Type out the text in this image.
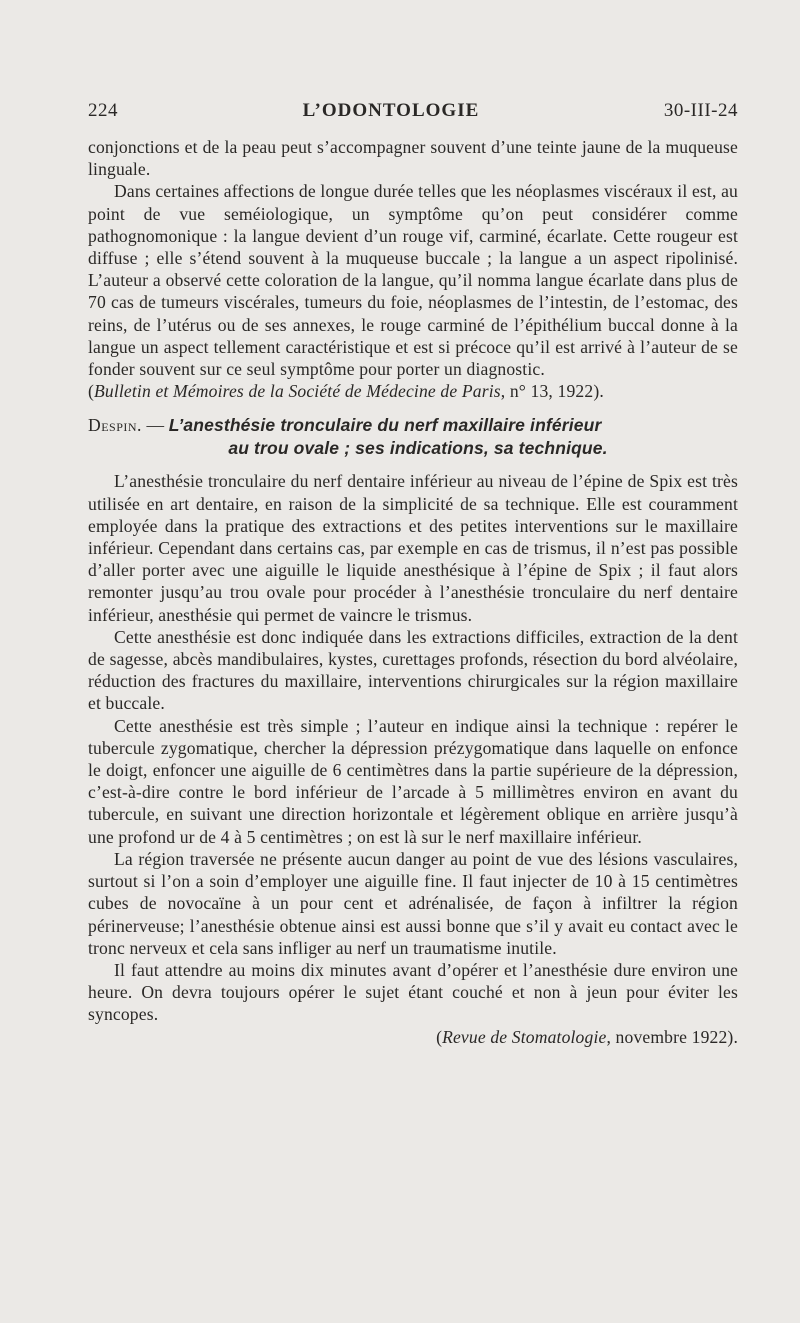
224	L’ODONTOLOGIE	30-III-24

conjonctions et de la peau peut s’accompagner souvent d’une teinte jaune de la muqueuse linguale.

Dans certaines affections de longue durée telles que les néoplasmes viscéraux il est, au point de vue seméiologique, un symptôme qu’on peut considérer comme pathognomonique : la langue devient d’un rouge vif, carminé, écarlate. Cette rougeur est diffuse ; elle s’étend souvent à la muqueuse buccale ; la langue a un aspect ripolinisé. L’auteur a observé cette coloration de la langue, qu’il nomma langue écarlate dans plus de 70 cas de tumeurs viscérales, tumeurs du foie, néoplasmes de l’intestin, de l’estomac, des reins, de l’utérus ou de ses annexes, le rouge carminé de l’épithélium buccal donne à la langue un aspect tellement caractéristique et est si précoce qu’il est arrivé à l’auteur de se fonder souvent sur ce seul symptôme pour porter un diagnostic.

(Bulletin et Mémoires de la Société de Médecine de Paris, n° 13, 1922).

Despin. — L’anesthésie tronculaire du nerf maxillaire inférieur
au trou ovale ; ses indications, sa technique.

L’anesthésie tronculaire du nerf dentaire inférieur au niveau de l’épine de Spix est très utilisée en art dentaire, en raison de la simplicité de sa technique. Elle est couramment employée dans la pratique des extractions et des petites interventions sur le maxillaire inférieur. Cependant dans certains cas, par exemple en cas de trismus, il n’est pas possible d’aller porter avec une aiguille le liquide anesthésique à l’épine de Spix ; il faut alors remonter jusqu’au trou ovale pour procéder à l’anesthésie tronculaire du nerf dentaire inférieur, anesthésie qui permet de vaincre le trismus.

Cette anesthésie est donc indiquée dans les extractions difficiles, extraction de la dent de sagesse, abcès mandibulaires, kystes, curettages profonds, résection du bord alvéolaire, réduction des fractures du maxillaire, interventions chirurgicales sur la région maxillaire et buccale.

Cette anesthésie est très simple ; l’auteur en indique ainsi la technique : repérer le tubercule zygomatique, chercher la dépression prézygomatique dans laquelle on enfonce le doigt, enfoncer une aiguille de 6 centimètres dans la partie supérieure de la dépression, c’est-à-dire contre le bord inférieur de l’arcade à 5 millimètres environ en avant du tubercule, en suivant une direction horizontale et légèrement oblique en arrière jusqu’à une profond ur de 4 à 5 centimètres ; on est là sur le nerf maxillaire inférieur.

La région traversée ne présente aucun danger au point de vue des lésions vasculaires, surtout si l’on a soin d’employer une aiguille fine. Il faut injecter de 10 à 15 centimètres cubes de novocaïne à un pour cent et adrénalisée, de façon à infiltrer la région périnerveuse; l’anesthésie obtenue ainsi est aussi bonne que s’il y avait eu contact avec le tronc nerveux et cela sans infliger au nerf un traumatisme inutile.

Il faut attendre au moins dix minutes avant d’opérer et l’anesthésie dure environ une heure. On devra toujours opérer le sujet étant couché et non à jeun pour éviter les syncopes.

(Revue de Stomatologie, novembre 1922).
